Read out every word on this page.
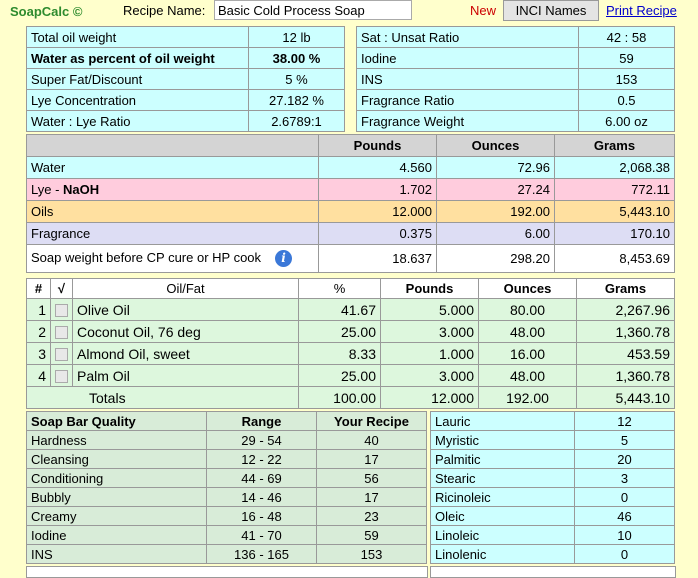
SoapCalc ©	Recipe Name:
Basic Cold Process Soap	New	INCI Names	Print Recipe
Total oil weight	12 lb
Water as percent of oil weight	38.00 %
Super Fat/Discount	5 %
Lye Concentration	27.182 %
Water : Lye Ratio	2.6789:1
Sat : Unsat Ratio	42 : 58
Iodine	59
INS	153
Fragrance Ratio	0.5
Fragrance Weight	6.00 oz
	Pounds	Ounces	Grams
Water	4.560	72.96	2,068.38
Lye - NaOH	1.702	27.24	772.11
Oils	12.000	192.00	5,443.10
Fragrance	0.375	6.00	170.10
Soap weight before CP cure or HP cook i	18.637	298.20	8,453.69
#	√	Oil/Fat	%	Pounds	Ounces	Grams
1		Olive Oil	41.67	5.000	80.00	2,267.96
2		Coconut Oil, 76 deg	25.00	3.000	48.00	1,360.78
3		Almond Oil, sweet	8.33	1.000	16.00	453.59
4		Palm Oil	25.00	3.000	48.00	1,360.78
Totals			100.00	12.000	192.00	5,443.10
Soap Bar Quality	Range	Your Recipe
Hardness	29 - 54	40
Cleansing	12 - 22	17
Conditioning	44 - 69	56
Bubbly	14 - 46	17
Creamy	16 - 48	23
Iodine	41 - 70	59
INS	136 - 165	153
Lauric	12
Myristic	5
Palmitic	20
Stearic	3
Ricinoleic	0
Oleic	46
Linoleic	10
Linolenic	0
